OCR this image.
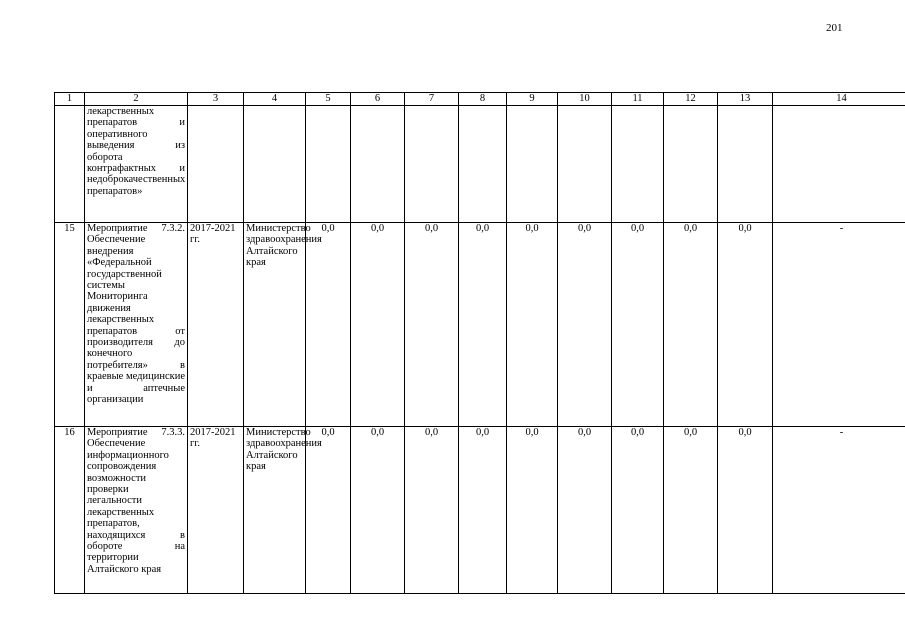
201
1	2	3	4	5	6	7	8	9	10	11	12	13	14
	лекарственных препаратов и оперативного выведения из оборота контрафактных и недоброкачественных препаратов»												
15	Мероприятие 7.3.2. Обеспечение внедрения «Федеральной государственной системы Мониторинга движения лекарственных препаратов от производителя до конечного потребителя» в краевые медицинские и аптечные организации	2017-2021 гг.	Министерство здравоохранения Алтайского края	0,0	0,0	0,0	0,0	0,0	0,0	0,0	0,0	0,0	-
16	Мероприятие 7.3.3. Обеспечение информационного сопровождения возможности проверки легальности лекарственных препаратов, находящихся в обороте на территории Алтайского края	2017-2021 гг.	Министерство здравоохранения Алтайского края	0,0	0,0	0,0	0,0	0,0	0,0	0,0	0,0	0,0	-
